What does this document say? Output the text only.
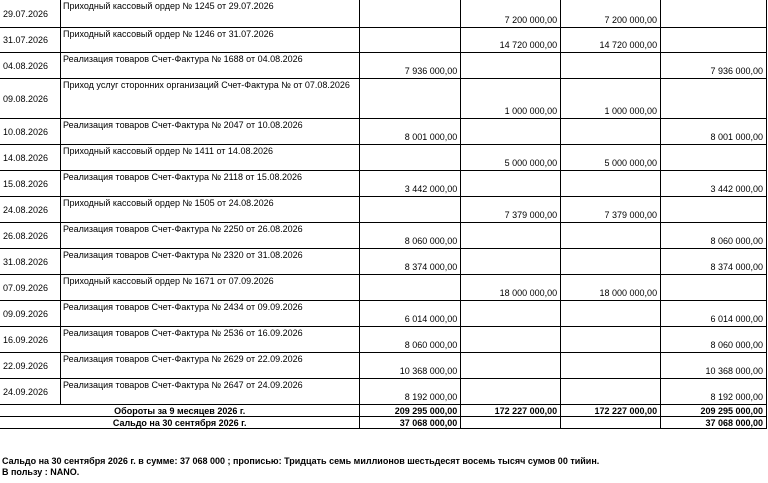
29.07.2026	Приходный кассовый ордер № 1245 от 29.07.2026		7 200 000,00	7 200 000,00	
31.07.2026	Приходный кассовый ордер № 1246 от 31.07.2026		14 720 000,00	14 720 000,00	
04.08.2026	Реализация товаров Счет-Фактура № 1688 от 04.08.2026	7 936 000,00			7 936 000,00
09.08.2026	Приход услуг сторонних организаций Счет-Фактура № от 07.08.2026		1 000 000,00	1 000 000,00	
10.08.2026	Реализация товаров Счет-Фактура № 2047 от 10.08.2026	8 001 000,00			8 001 000,00
14.08.2026	Приходный кассовый ордер № 1411 от 14.08.2026		5 000 000,00	5 000 000,00	
15.08.2026	Реализация товаров Счет-Фактура № 2118 от 15.08.2026	3 442 000,00			3 442 000,00
24.08.2026	Приходный кассовый ордер № 1505 от 24.08.2026		7 379 000,00	7 379 000,00	
26.08.2026	Реализация товаров Счет-Фактура № 2250 от 26.08.2026	8 060 000,00			8 060 000,00
31.08.2026	Реализация товаров Счет-Фактура № 2320 от 31.08.2026	8 374 000,00			8 374 000,00
07.09.2026	Приходный кассовый ордер № 1671 от 07.09.2026		18 000 000,00	18 000 000,00	
09.09.2026	Реализация товаров Счет-Фактура № 2434 от 09.09.2026	6 014 000,00			6 014 000,00
16.09.2026	Реализация товаров Счет-Фактура № 2536 от 16.09.2026	8 060 000,00			8 060 000,00
22.09.2026	Реализация товаров Счет-Фактура № 2629 от 22.09.2026	10 368 000,00			10 368 000,00
24.09.2026	Реализация товаров Счет-Фактура № 2647 от 24.09.2026	8 192 000,00			8 192 000,00
Обороты за 9 месяцев 2026 г.		209 295 000,00	172 227 000,00	172 227 000,00	209 295 000,00
Сальдо на 30 сентября 2026 г.		37 068 000,00			37 068 000,00
Сальдо на 30 сентября 2026 г. в сумме: 37 068 000 ; прописью: Тридцать семь миллионов шестьдесят восемь тысяч сумов 00 тийин.
В пользу : NANO.
